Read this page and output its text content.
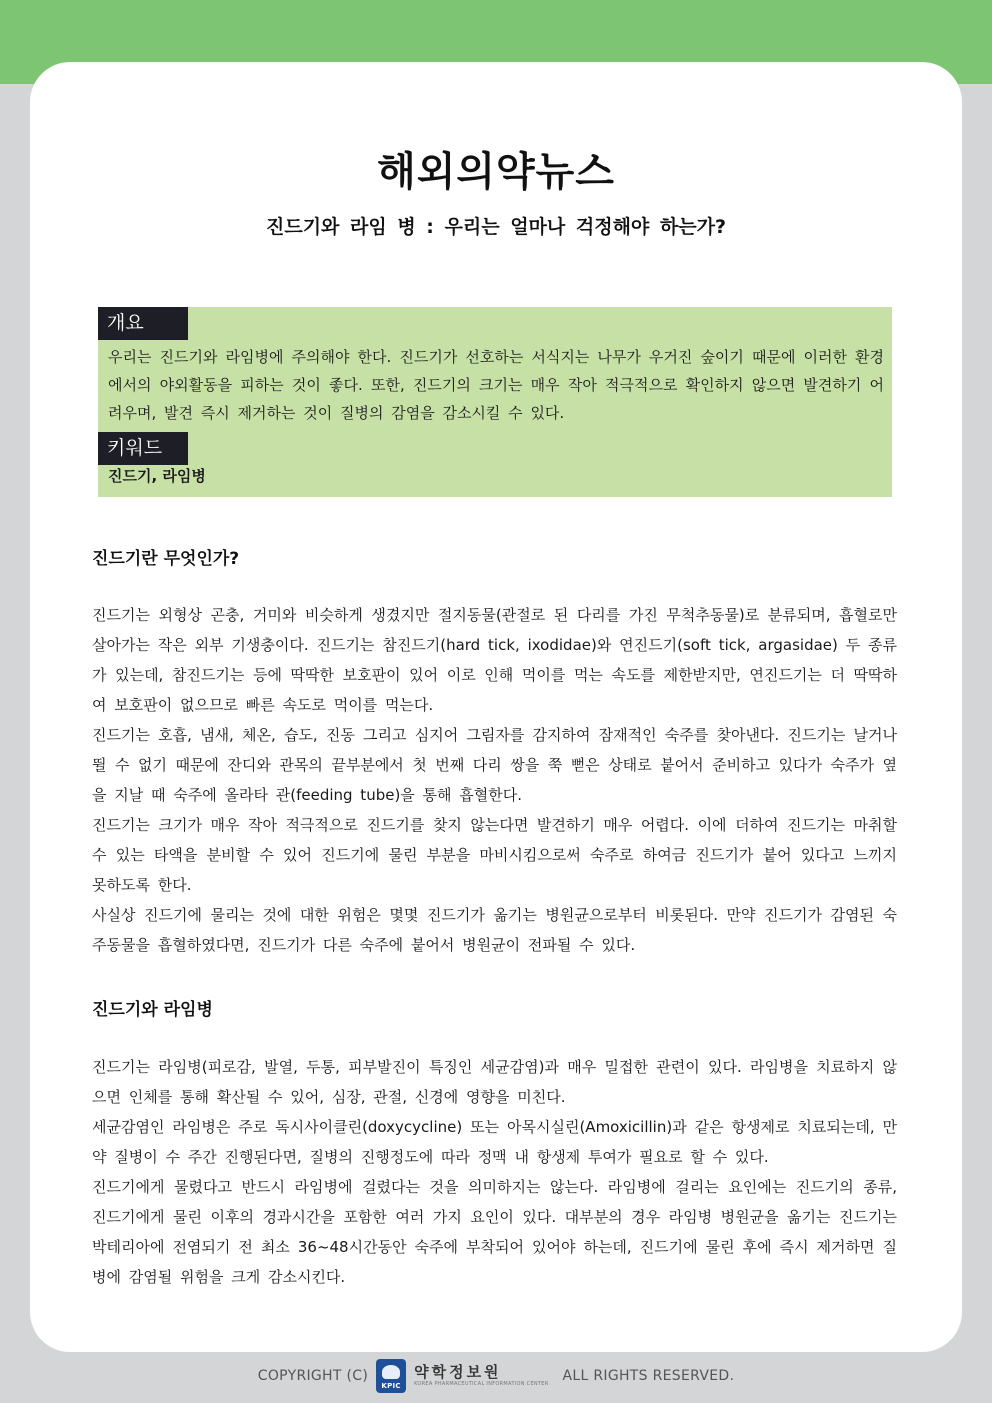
해외의약뉴스
진드기와 라임 병 : 우리는 얼마나 걱정해야 하는가?
개요
우리는 진드기와 라임병에 주의해야 한다. 진드기가 선호하는 서식지는 나무가 우거진 숲이기 때문에 이러한 환경에서의 야외활동을 피하는 것이 좋다. 또한, 진드기의 크기는 매우 작아 적극적으로 확인하지 않으면 발견하기 어려우며, 발견 즉시 제거하는 것이 질병의 감염을 감소시킬 수 있다.
키워드
진드기, 라임병
진드기란 무엇인가?

진드기는 외형상 곤충, 거미와 비슷하게 생겼지만 절지동물(관절로 된 다리를 가진 무척추동물)로 분류되며, 흡혈로만 살아가는 작은 외부 기생충이다. 진드기는 참진드기(hard tick, ixodidae)와 연진드기(soft tick, argasidae) 두 종류가 있는데, 참진드기는 등에 딱딱한 보호판이 있어 이로 인해 먹이를 먹는 속도를 제한받지만, 연진드기는 더 딱딱하여 보호판이 없으므로 빠른 속도로 먹이를 먹는다.

진드기는 호흡, 냄새, 체온, 습도, 진동 그리고 심지어 그림자를 감지하여 잠재적인 숙주를 찾아낸다. 진드기는 날거나 뛸 수 없기 때문에 잔디와 관목의 끝부분에서 첫 번째 다리 쌍을 쭉 뻗은 상태로 붙어서 준비하고 있다가 숙주가 옆을 지날 때 숙주에 올라타 관(feeding tube)을 통해 흡혈한다.

진드기는 크기가 매우 작아 적극적으로 진드기를 찾지 않는다면 발견하기 매우 어렵다. 이에 더하여 진드기는 마취할 수 있는 타액을 분비할 수 있어 진드기에 물린 부분을 마비시킴으로써 숙주로 하여금 진드기가 붙어 있다고 느끼지 못하도록 한다.

사실상 진드기에 물리는 것에 대한 위험은 몇몇 진드기가 옮기는 병원균으로부터 비롯된다. 만약 진드기가 감염된 숙주동물을 흡혈하였다면, 진드기가 다른 숙주에 붙어서 병원균이 전파될 수 있다.

진드기와 라임병

진드기는 라임병(피로감, 발열, 두통, 피부발진이 특징인 세균감염)과 매우 밀접한 관련이 있다. 라임병을 치료하지 않으면 인체를 통해 확산될 수 있어, 심장, 관절, 신경에 영향을 미친다.

세균감염인 라임병은 주로 독시사이클린(doxycycline) 또는 아목시실린(Amoxicillin)과 같은 항생제로 치료되는데, 만약 질병이 수 주간 진행된다면, 질병의 진행정도에 따라 정맥 내 항생제 투여가 필요로 할 수 있다.

진드기에게 물렸다고 반드시 라임병에 걸렸다는 것을 의미하지는 않는다. 라임병에 걸리는 요인에는 진드기의 종류, 진드기에게 물린 이후의 경과시간을 포함한 여러 가지 요인이 있다. 대부분의 경우 라임병 병원균을 옮기는 진드기는 박테리아에 전염되기 전 최소 36~48시간동안 숙주에 부착되어 있어야 하는데, 진드기에 물린 후에 즉시 제거하면 질병에 감염될 위험을 크게 감소시킨다.

COPYRIGHT (C)
KPIC
약학정보원
KOREA PHARMACEUTICAL INFORMATION CENTER ALL RIGHTS RESERVED.
